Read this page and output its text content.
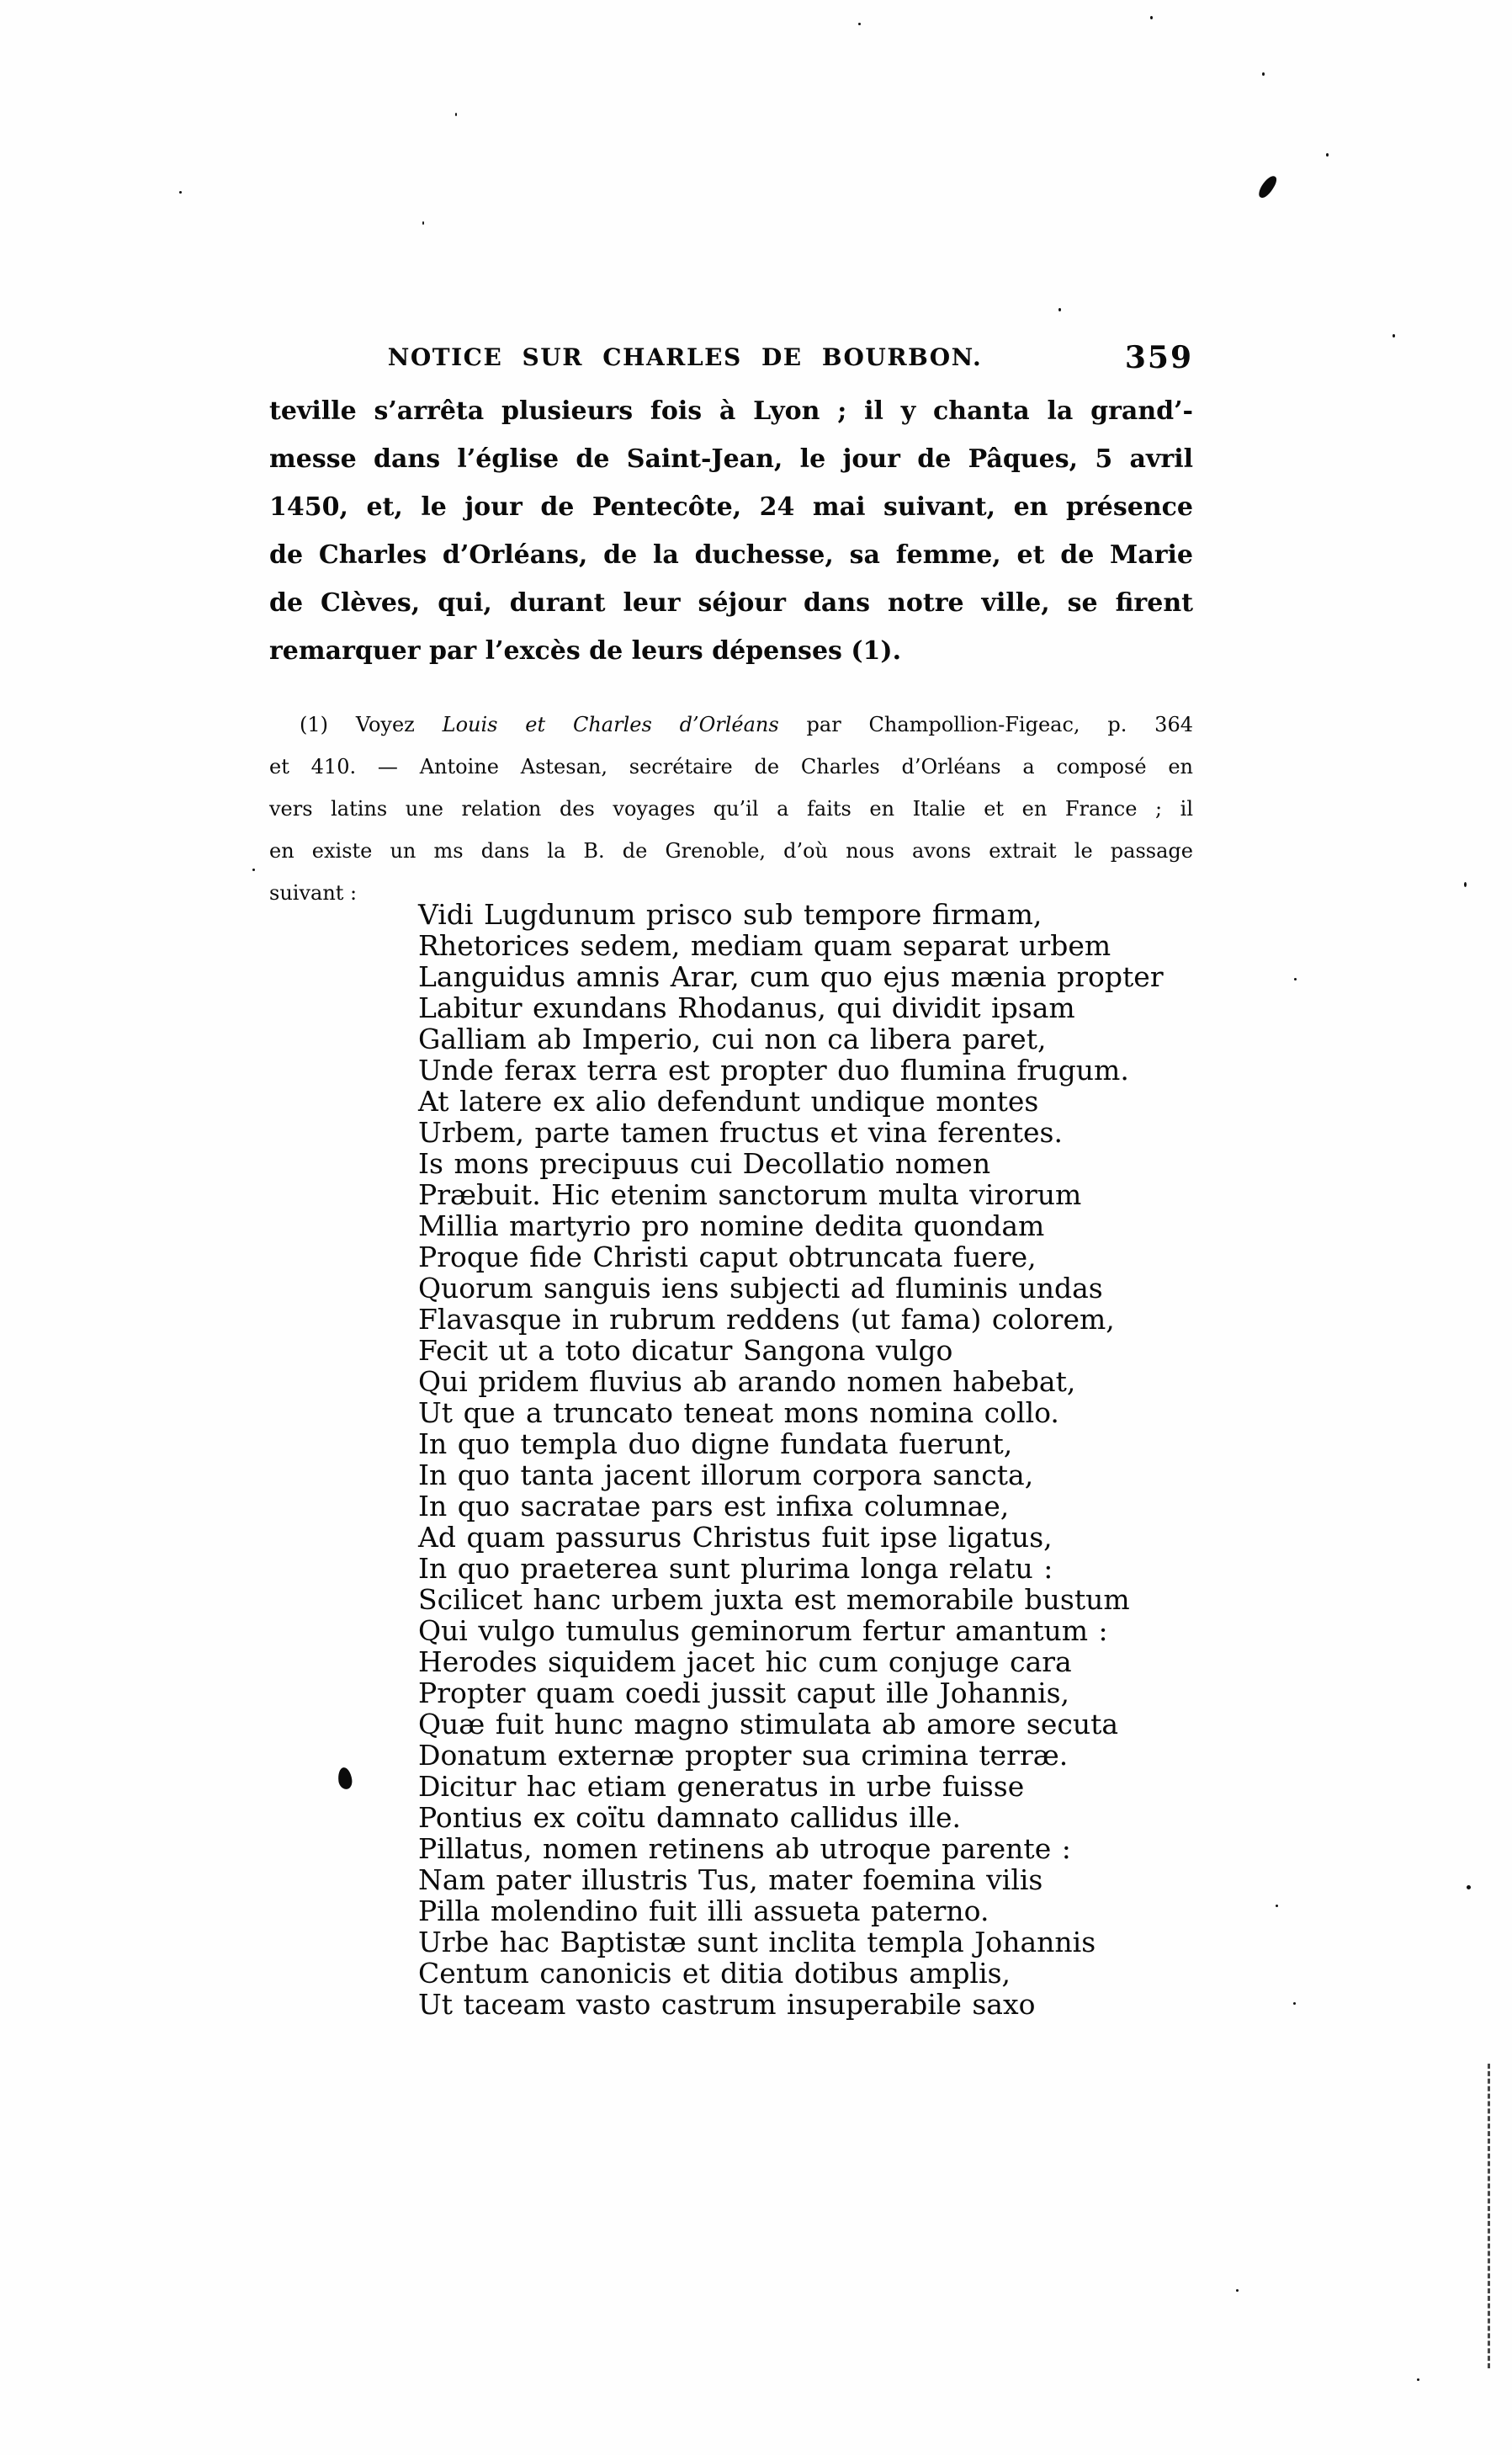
NOTICE SUR CHARLES DE BOURBON.	359
teville s’arrêta plusieurs fois à Lyon ; il y chanta la grand’-
messe dans l’église de Saint-Jean, le jour de Pâques, 5 avril
1450, et, le jour de Pentecôte, 24 mai suivant, en présence
de Charles d’Orléans, de la duchesse, sa femme, et de Marie
de Clèves, qui, durant leur séjour dans notre ville, se firent
remarquer par l’excès de leurs dépenses (1).
(1) Voyez Louis et Charles d’Orléans par Champollion-Figeac, p. 364
et 410. — Antoine Astesan, secrétaire de Charles d’Orléans a composé en
vers latins une relation des voyages qu’il a faits en Italie et en France ; il
en existe un ms dans la B. de Grenoble, d’où nous avons extrait le passage
suivant :
Vidi Lugdunum prisco sub tempore firmam,
Rhetorices sedem, mediam quam separat urbem
Languidus amnis Arar, cum quo ejus mænia propter
Labitur exundans Rhodanus, qui dividit ipsam
Galliam ab Imperio, cui non ca libera paret,
Unde ferax terra est propter duo flumina frugum.
At latere ex alio defendunt undique montes
Urbem, parte tamen fructus et vina ferentes.
Is mons precipuus cui Decollatio nomen
Præbuit. Hic etenim sanctorum multa virorum
Millia martyrio pro nomine dedita quondam
Proque fide Christi caput obtruncata fuere,
Quorum sanguis iens subjecti ad fluminis undas
Flavasque in rubrum reddens (ut fama) colorem,
Fecit ut a toto dicatur Sangona vulgo
Qui pridem fluvius ab arando nomen habebat,
Ut que a truncato teneat mons nomina collo.
In quo templa duo digne fundata fuerunt,
In quo tanta jacent illorum corpora sancta,
In quo sacratae pars est infixa columnae,
Ad quam passurus Christus fuit ipse ligatus,
In quo praeterea sunt plurima longa relatu :
Scilicet hanc urbem juxta est memorabile bustum
Qui vulgo tumulus geminorum fertur amantum :
Herodes siquidem jacet hic cum conjuge cara
Propter quam coedi jussit caput ille Johannis,
Quæ fuit hunc magno stimulata ab amore secuta
Donatum externæ propter sua crimina terræ.
Dicitur hac etiam generatus in urbe fuisse
Pontius ex coïtu damnato callidus ille.
Pillatus, nomen retinens ab utroque parente :
Nam pater illustris Tus, mater foemina vilis
Pilla molendino fuit illi assueta paterno.
Urbe hac Baptistæ sunt inclita templa Johannis
Centum canonicis et ditia dotibus amplis,
Ut taceam vasto castrum insuperabile saxo
